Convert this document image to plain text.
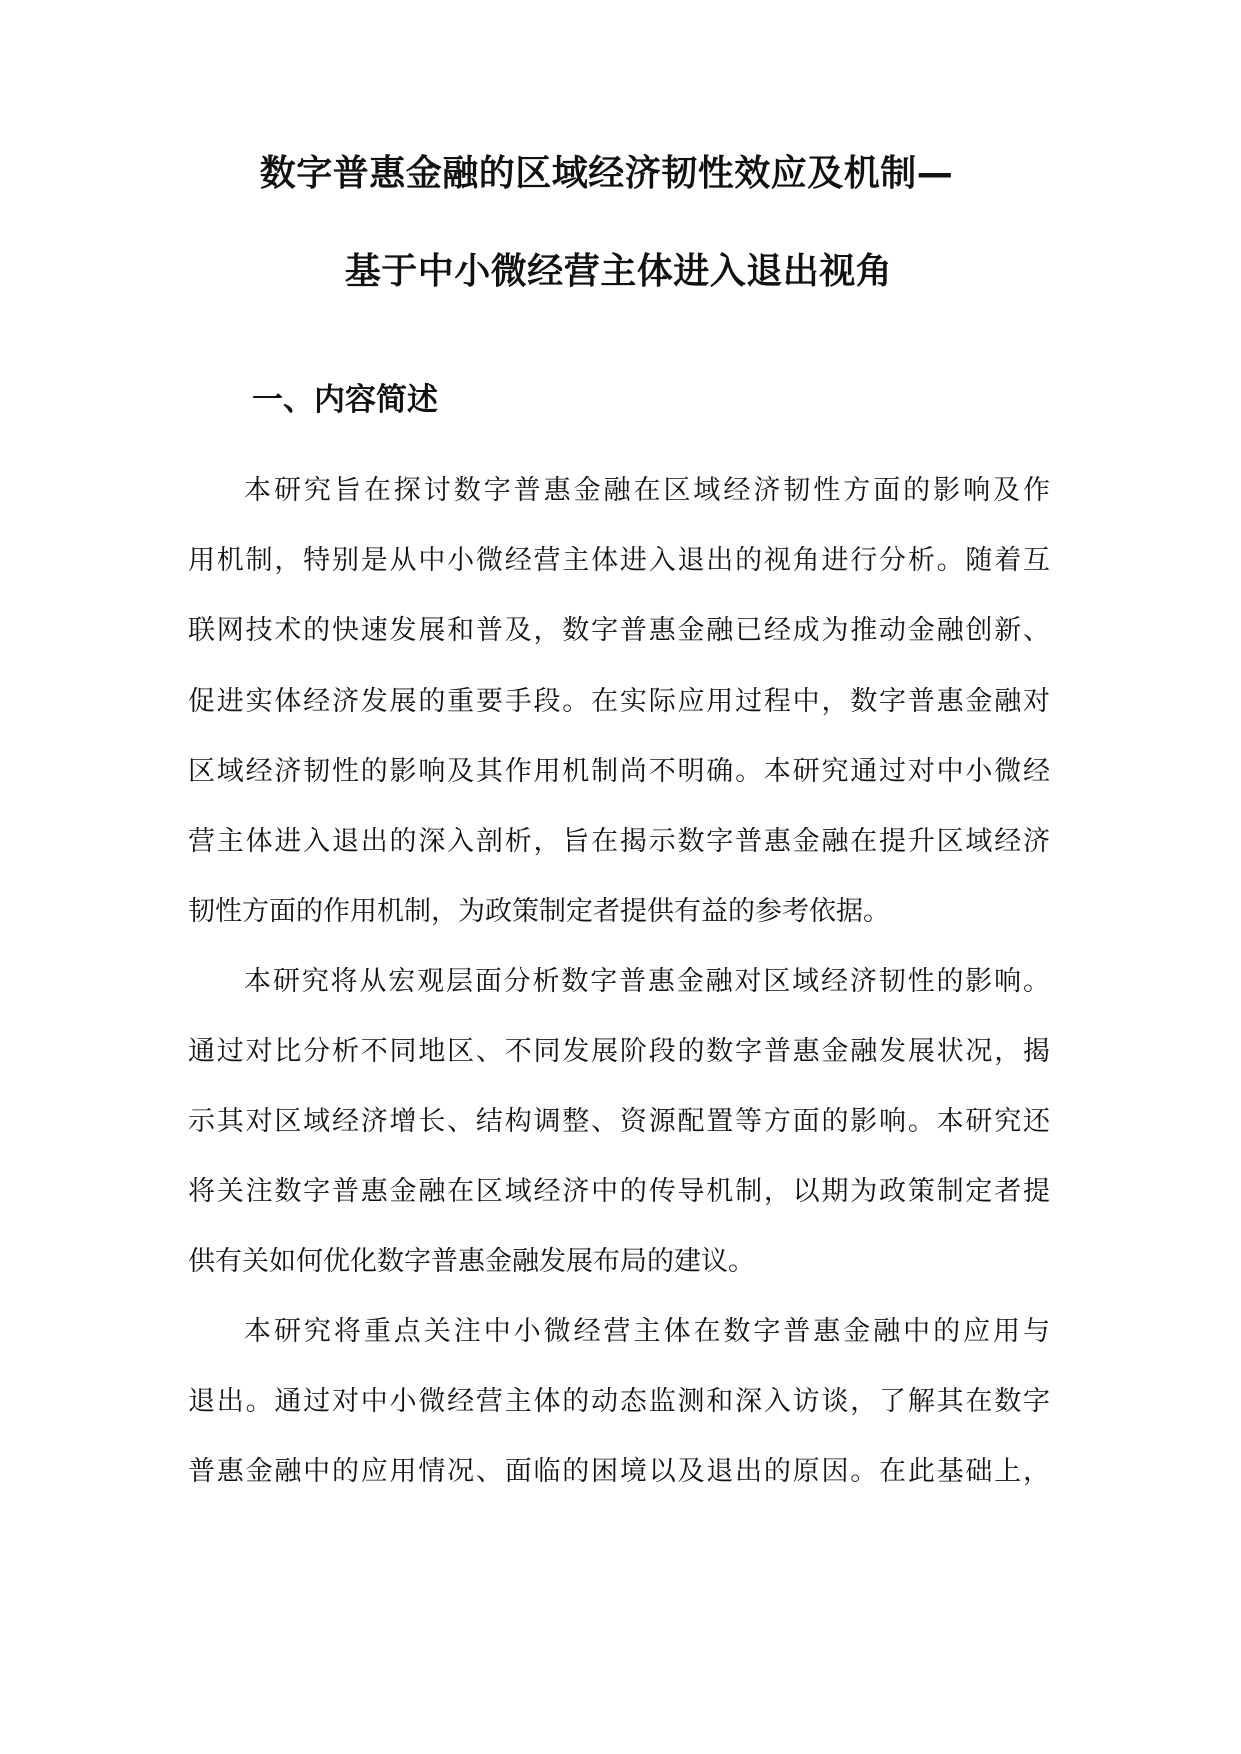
数字普惠金融的区域经济韧性效应及机制—
基于中小微经营主体进入退出视角
一、内容简述
本研究旨在探讨数字普惠金融在区域经济韧性方面的影响及作
用机制，特别是从中小微经营主体进入退出的视角进行分析。随着互
联网技术的快速发展和普及，数字普惠金融已经成为推动金融创新、
促进实体经济发展的重要手段。在实际应用过程中，数字普惠金融对
区域经济韧性的影响及其作用机制尚不明确。本研究通过对中小微经
营主体进入退出的深入剖析，旨在揭示数字普惠金融在提升区域经济
韧性方面的作用机制，为政策制定者提供有益的参考依据。
本研究将从宏观层面分析数字普惠金融对区域经济韧性的影响。
通过对比分析不同地区、不同发展阶段的数字普惠金融发展状况，揭
示其对区域经济增长、结构调整、资源配置等方面的影响。本研究还
将关注数字普惠金融在区域经济中的传导机制，以期为政策制定者提
供有关如何优化数字普惠金融发展布局的建议。
本研究将重点关注中小微经营主体在数字普惠金融中的应用与
退出。通过对中小微经营主体的动态监测和深入访谈，了解其在数字
普惠金融中的应用情况、面临的困境以及退出的原因。在此基础上，
